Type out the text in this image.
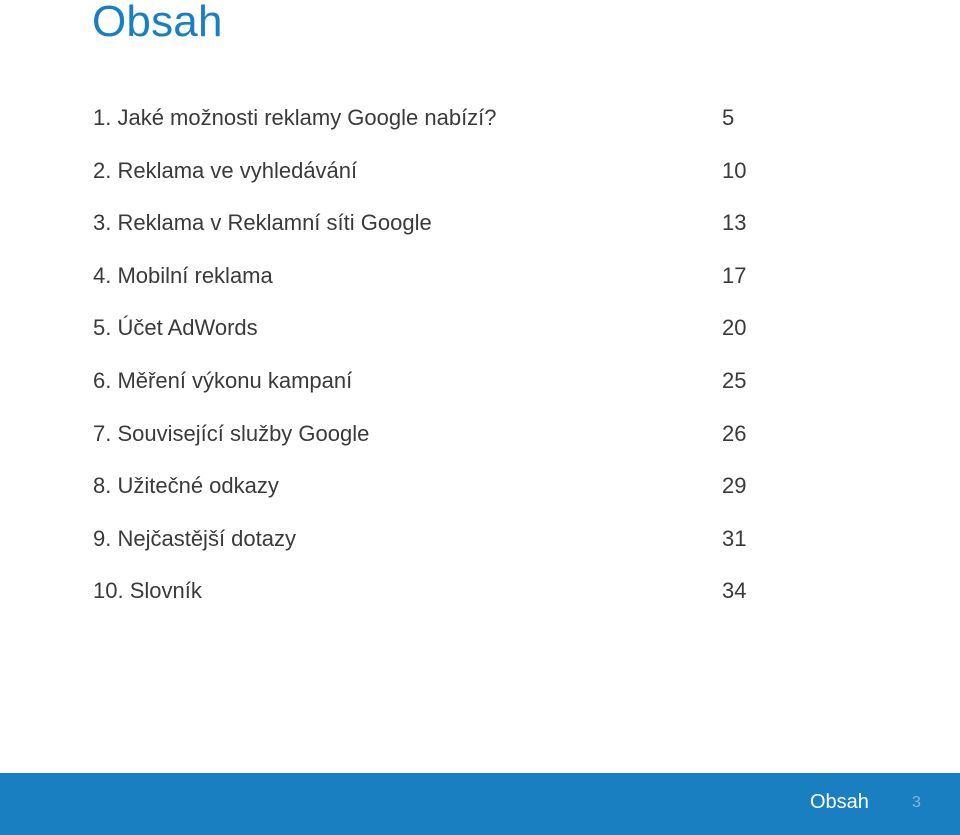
Obsah
1. Jaké možnosti reklamy Google nabízí?	5
2. Reklama ve vyhledávání	10
3. Reklama v Reklamní síti Google	13
4. Mobilní reklama	17
5. Účet AdWords	20
6. Měření výkonu kampaní	25
7. Související služby Google	26
8. Užitečné odkazy	29
9. Nejčastější dotazy	31
10. Slovník	34
Obsah	3
